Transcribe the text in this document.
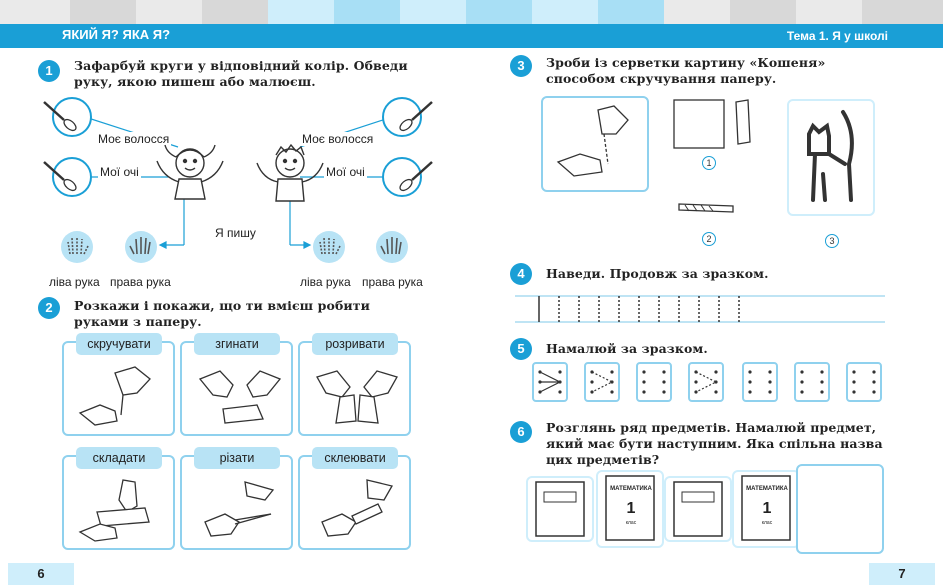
ЯКИЙ Я? ЯКА Я?	Тема 1. Я у школі
1	Зафарбуй круги у відповідний колір. Обведи руку, якою пишеш або малюєш.
Моє волосся
Мої очі
Моє волосся
Мої очі
Я пишу
ліва рука права рука	ліва рука права рука
2	Розкажи і покажи, що ти вмієш робити руками з паперу.
скручувати	згинати	розривати
складати	різати	склеювати
3	Зроби із серветки картину «Кошеня» способом скручування паперу.
1
2	3
4	Наведи. Продовж за зразком.
5	Намалюй за зразком.
6	Розглянь ряд предметів. Намалюй предмет, який має бути наступним. Яка спільна назва цих предметів?
МАТЕМАТИКА
1
клас
МАТЕМАТИКА
1
клас
6	7
